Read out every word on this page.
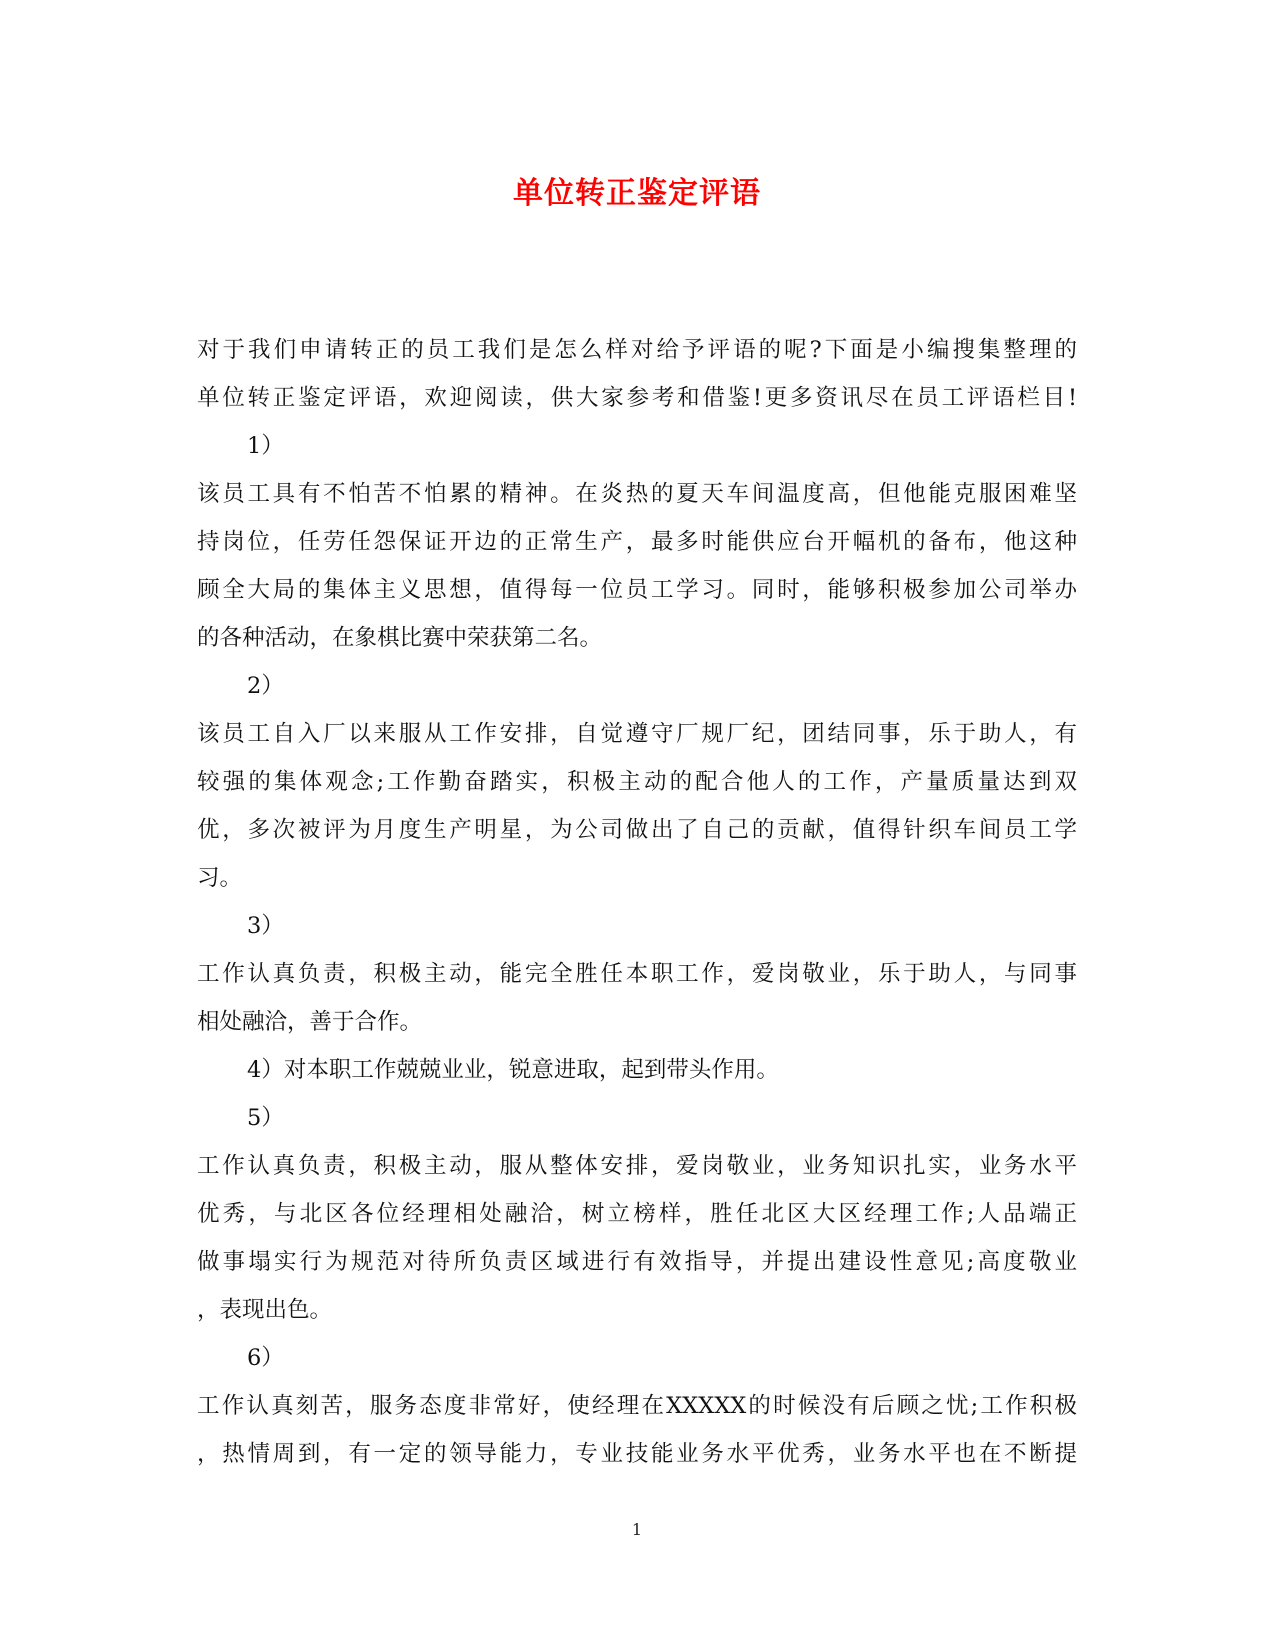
单位转正鉴定评语
对于我们申请转正的员工我们是怎么样对给予评语的呢?下面是小编搜集整理的
单位转正鉴定评语，欢迎阅读，供大家参考和借鉴!更多资讯尽在员工评语栏目!
1）
该员工具有不怕苦不怕累的精神。在炎热的夏天车间温度高，但他能克服困难坚
持岗位，任劳任怨保证开边的正常生产，最多时能供应台开幅机的备布，他这种
顾全大局的集体主义思想，值得每一位员工学习。同时，能够积极参加公司举办
的各种活动，在象棋比赛中荣获第二名。
2）
该员工自入厂以来服从工作安排，自觉遵守厂规厂纪，团结同事，乐于助人，有
较强的集体观念;工作勤奋踏实，积极主动的配合他人的工作，产量质量达到双
优，多次被评为月度生产明星，为公司做出了自己的贡献，值得针织车间员工学
习。
3）
工作认真负责，积极主动，能完全胜任本职工作，爱岗敬业，乐于助人，与同事
相处融洽，善于合作。
4）对本职工作兢兢业业，锐意进取，起到带头作用。
5）
工作认真负责，积极主动，服从整体安排，爱岗敬业，业务知识扎实，业务水平
优秀，与北区各位经理相处融洽，树立榜样，胜任北区大区经理工作;人品端正
做事塌实行为规范对待所负责区域进行有效指导，并提出建设性意见;高度敬业
，表现出色。
6）
工作认真刻苦，服务态度非常好，使经理在XXXXX的时候没有后顾之忧;工作积极
，热情周到，有一定的领导能力，专业技能业务水平优秀，业务水平也在不断提
1
